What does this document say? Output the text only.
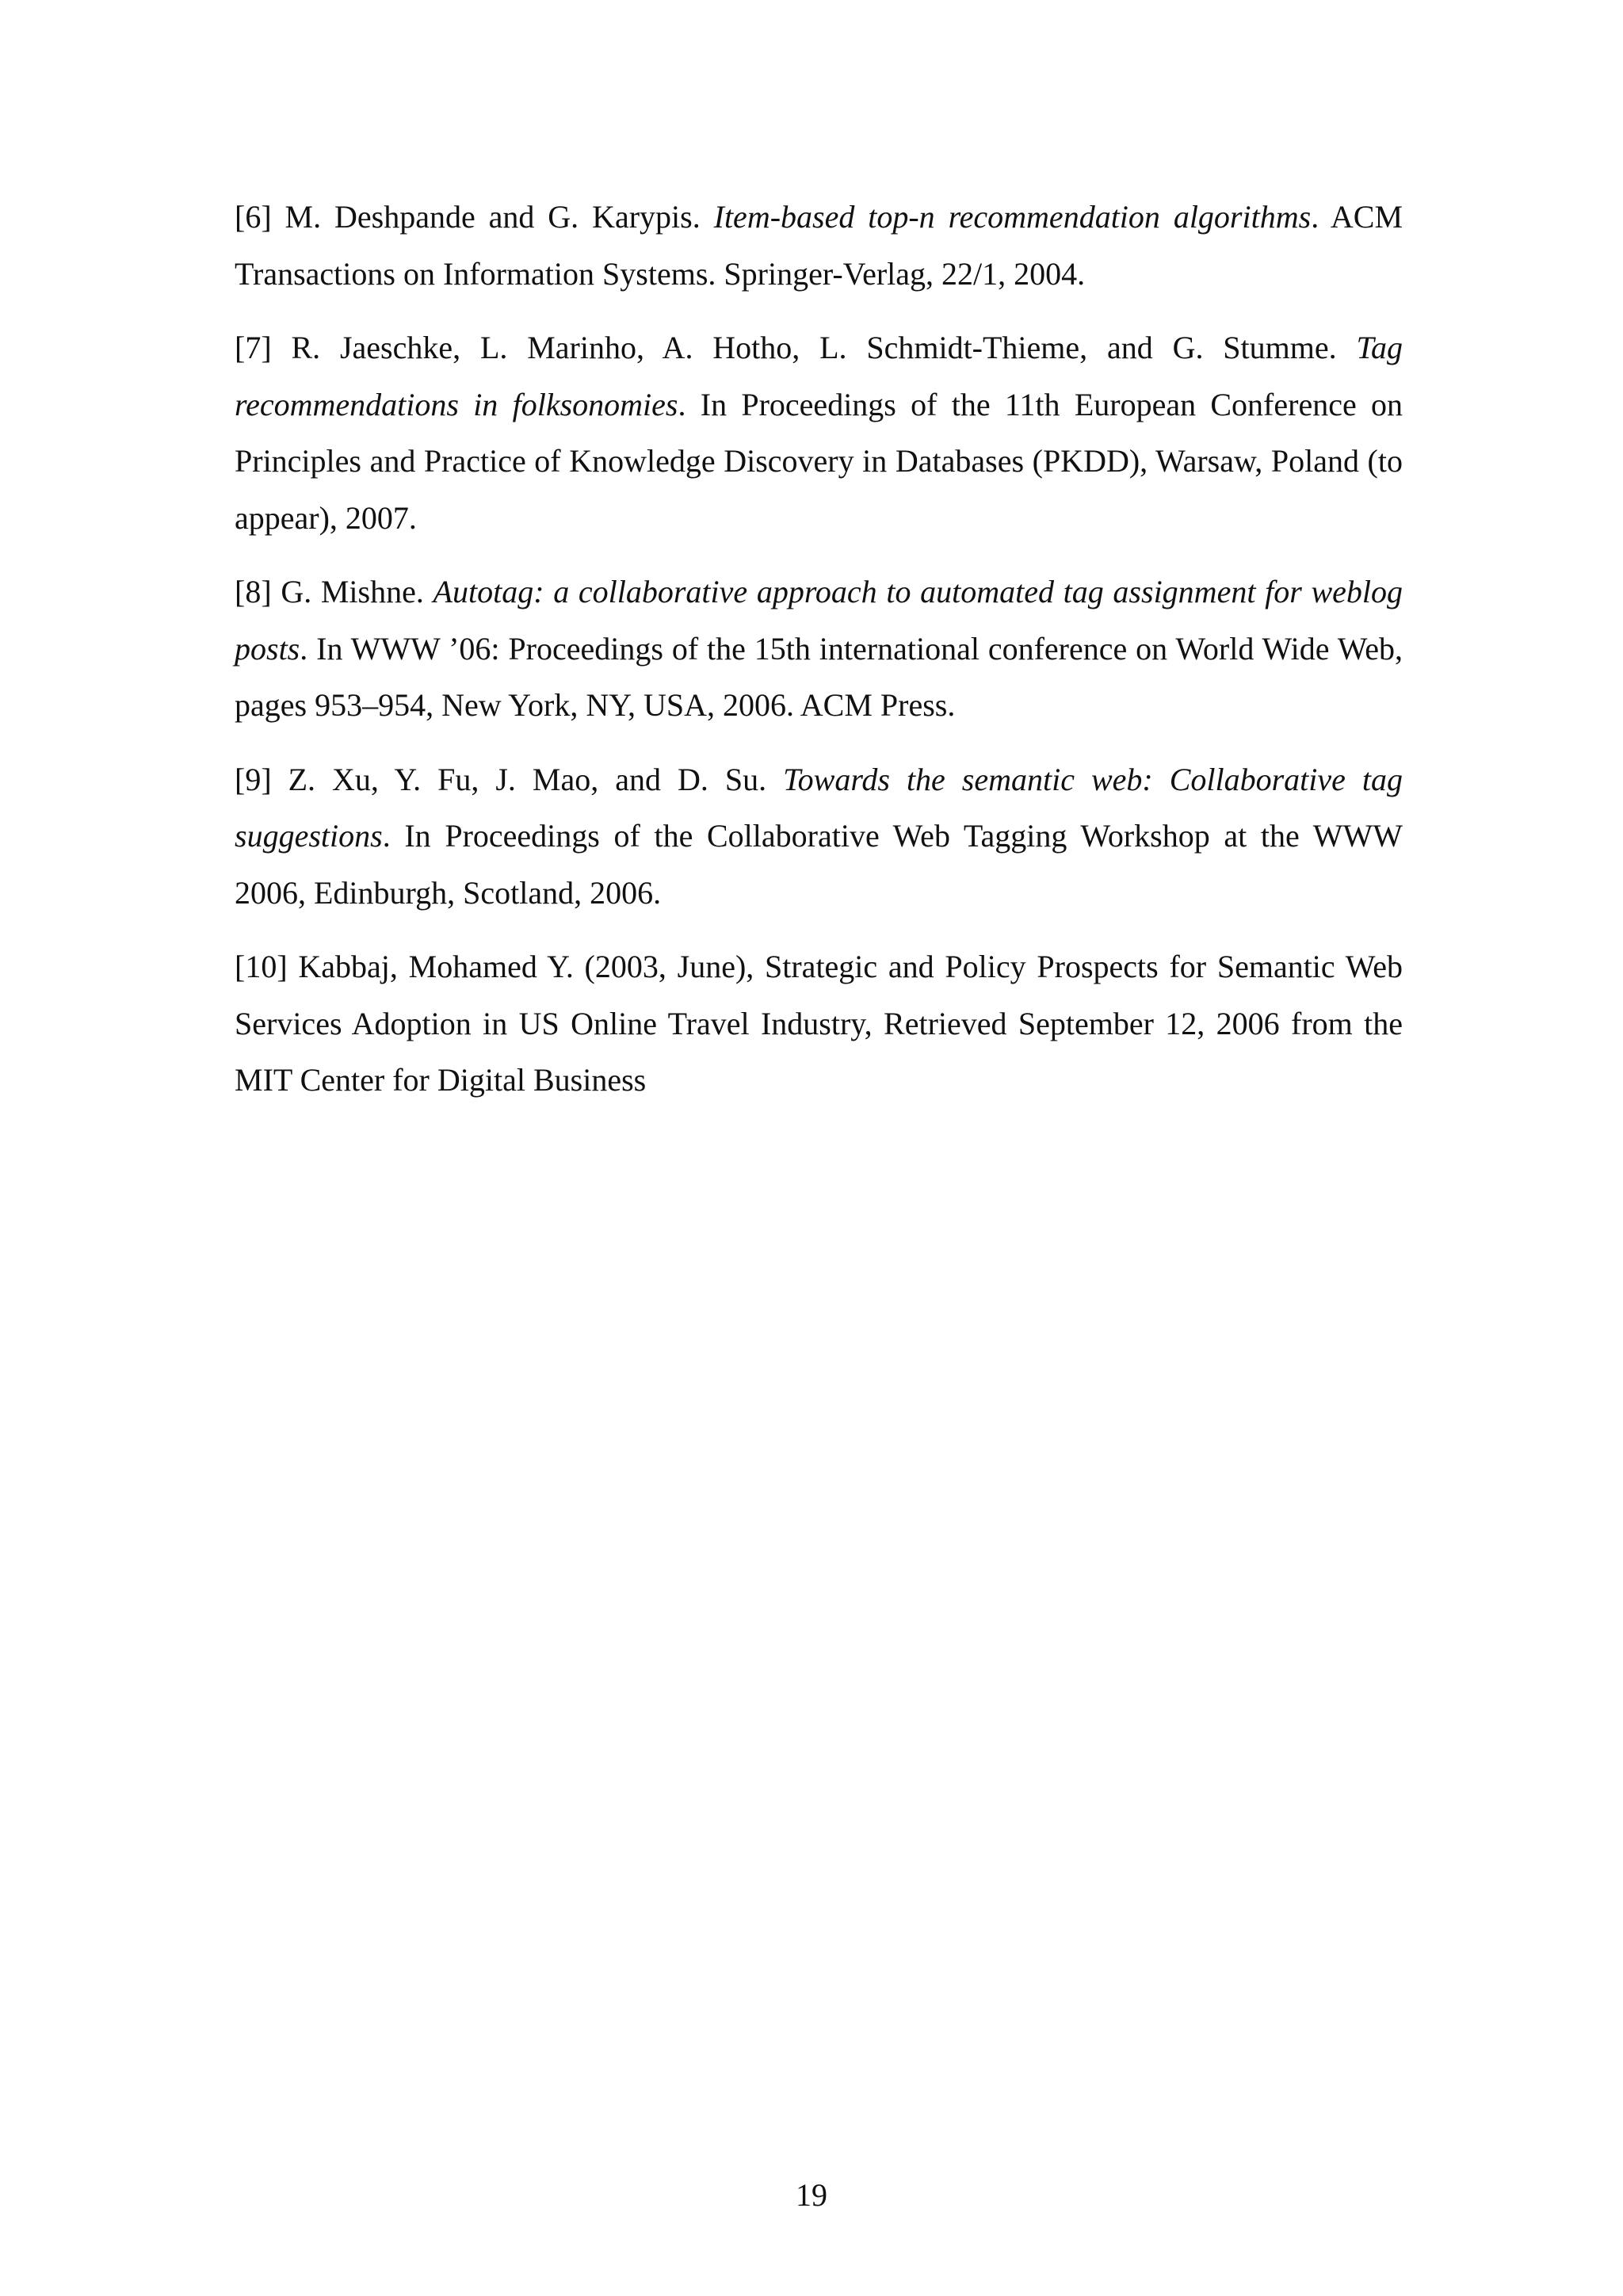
[6] M. Deshpande and G. Karypis. Item-based top-n recommendation algorithms. ACM Transactions on Information Systems. Springer-Verlag, 22/1, 2004.

[7] R. Jaeschke, L. Marinho, A. Hotho, L. Schmidt-Thieme, and G. Stumme. Tag recommendations in folksonomies. In Proceedings of the 11th European Conference on Principles and Practice of Knowledge Discovery in Databases (PKDD), Warsaw, Poland (to appear), 2007.

[8] G. Mishne. Autotag: a collaborative approach to automated tag assignment for weblog posts. In WWW ’06: Proceedings of the 15th international conference on World Wide Web, pages 953–954, New York, NY, USA, 2006. ACM Press.

[9] Z. Xu, Y. Fu, J. Mao, and D. Su. Towards the semantic web: Collaborative tag suggestions. In Proceedings of the Collaborative Web Tagging Workshop at the WWW 2006, Edinburgh, Scotland, 2006.

[10] Kabbaj, Mohamed Y. (2003, June), Strategic and Policy Prospects for Semantic Web Services Adoption in US Online Travel Industry, Retrieved September 12, 2006 from the MIT Center for Digital Business

19
